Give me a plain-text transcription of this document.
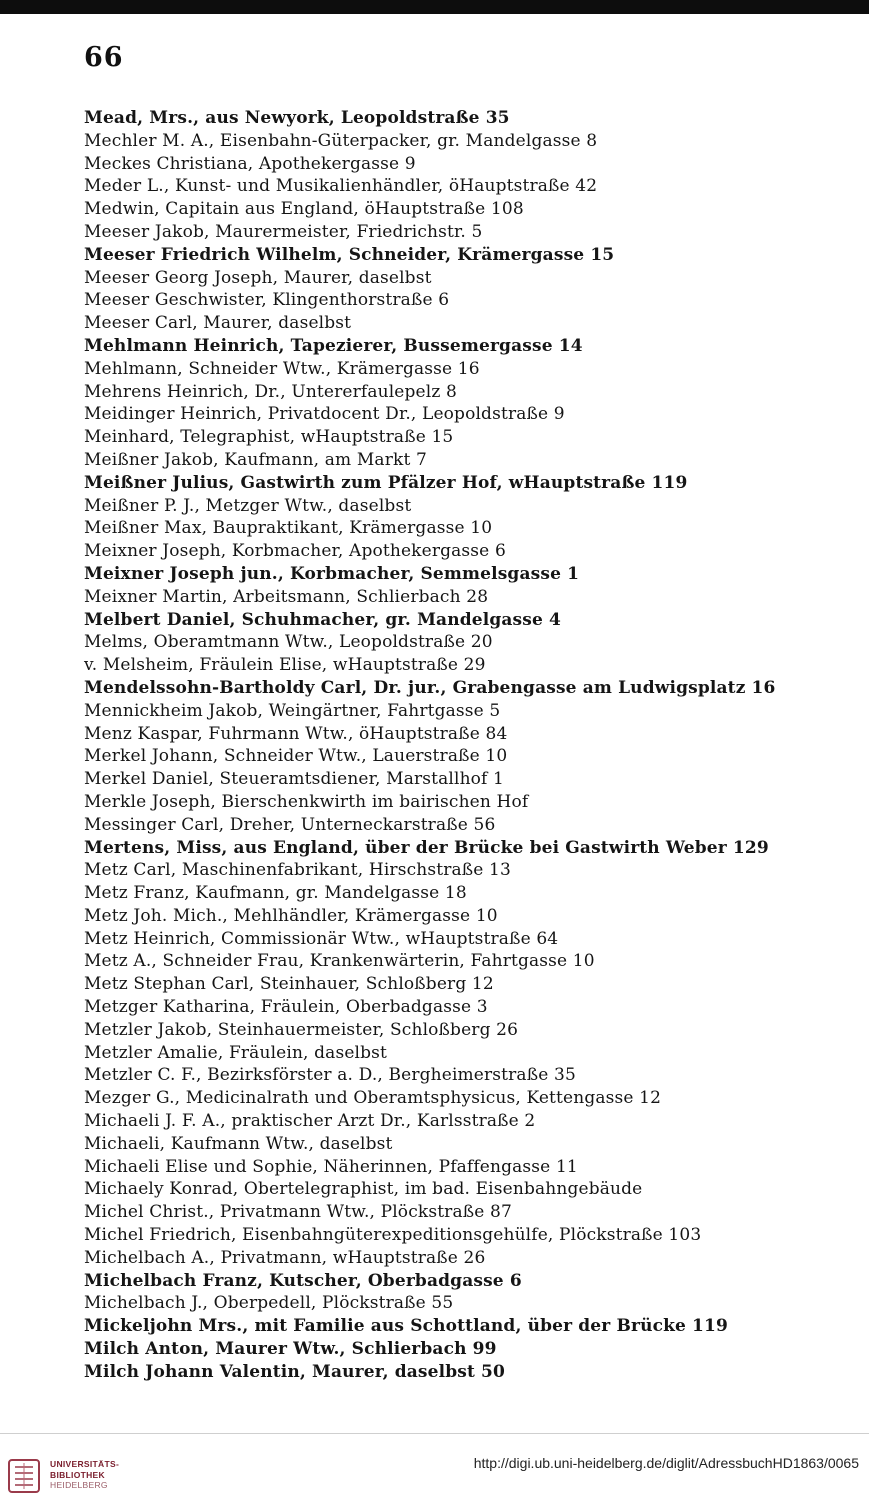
66
Mead, Mrs., aus Newyork, Leopoldstraße 35
Mechler M. A., Eisenbahn-Güterpacker, gr. Mandelgasse 8
Meckes Christiana, Apothekergasse 9
Meder L., Kunst- und Musikalienhändler, öHauptstraße 42
Medwin, Capitain aus England, öHauptstraße 108
Meeser Jakob, Maurermeister, Friedrichstr. 5
Meeser Friedrich Wilhelm, Schneider, Krämergasse 15
Meeser Georg Joseph, Maurer, daselbst
Meeser Geschwister, Klingenthorstraße 6
Meeser Carl, Maurer, daselbst
Mehlmann Heinrich, Tapezierer, Bussemergasse 14
Mehlmann, Schneider Wtw., Krämergasse 16
Mehrens Heinrich, Dr., Untererfaulepelz 8
Meidinger Heinrich, Privatdocent Dr., Leopoldstraße 9
Meinhard, Telegraphist, wHauptstraße 15
Meißner Jakob, Kaufmann, am Markt 7
Meißner Julius, Gastwirth zum Pfälzer Hof, wHauptstraße 119
Meißner P. J., Metzger Wtw., daselbst
Meißner Max, Baupraktikant, Krämergasse 10
Meixner Joseph, Korbmacher, Apothekergasse 6
Meixner Joseph jun., Korbmacher, Semmelsgasse 1
Meixner Martin, Arbeitsmann, Schlierbach 28
Melbert Daniel, Schuhmacher, gr. Mandelgasse 4
Melms, Oberamtmann Wtw., Leopoldstraße 20
v. Melsheim, Fräulein Elise, wHauptstraße 29
Mendelssohn-Bartholdy Carl, Dr. jur., Grabengasse am Ludwigsplatz 16
Mennickheim Jakob, Weingärtner, Fahrtgasse 5
Menz Kaspar, Fuhrmann Wtw., öHauptstraße 84
Merkel Johann, Schneider Wtw., Lauerstraße 10
Merkel Daniel, Steueramtsdiener, Marstallhof 1
Merkle Joseph, Bierschenkwirth im bairischen Hof
Messinger Carl, Dreher, Unterneckarstraße 56
Mertens, Miss, aus England, über der Brücke bei Gastwirth Weber 129
Metz Carl, Maschinenfabrikant, Hirschstraße 13
Metz Franz, Kaufmann, gr. Mandelgasse 18
Metz Joh. Mich., Mehlhändler, Krämergasse 10
Metz Heinrich, Commissionär Wtw., wHauptstraße 64
Metz A., Schneider Frau, Krankenwärterin, Fahrtgasse 10
Metz Stephan Carl, Steinhauer, Schloßberg 12
Metzger Katharina, Fräulein, Oberbadgasse 3
Metzler Jakob, Steinhauermeister, Schloßberg 26
Metzler Amalie, Fräulein, daselbst
Metzler C. F., Bezirksförster a. D., Bergheimerstraße 35
Mezger G., Medicinalrath und Oberamtsphysicus, Kettengasse 12
Michaeli J. F. A., praktischer Arzt Dr., Karlsstraße 2
Michaeli, Kaufmann Wtw., daselbst
Michaeli Elise und Sophie, Näherinnen, Pfaffengasse 11
Michaely Konrad, Obertelegraphist, im bad. Eisenbahngebäude
Michel Christ., Privatmann Wtw., Plöckstraße 87
Michel Friedrich, Eisenbahngüterexpeditionsgehülfe, Plöckstraße 103
Michelbach A., Privatmann, wHauptstraße 26
Michelbach Franz, Kutscher, Oberbadgasse 6
Michelbach J., Oberpedell, Plöckstraße 55
Mickeljohn Mrs., mit Familie aus Schottland, über der Brücke 119
Milch Anton, Maurer Wtw., Schlierbach 99
Milch Johann Valentin, Maurer, daselbst 50
UNIVERSITÄTS-
BIBLIOTHEK
HEIDELBERG
http://digi.ub.uni-heidelberg.de/diglit/AdressbuchHD1863/0065
